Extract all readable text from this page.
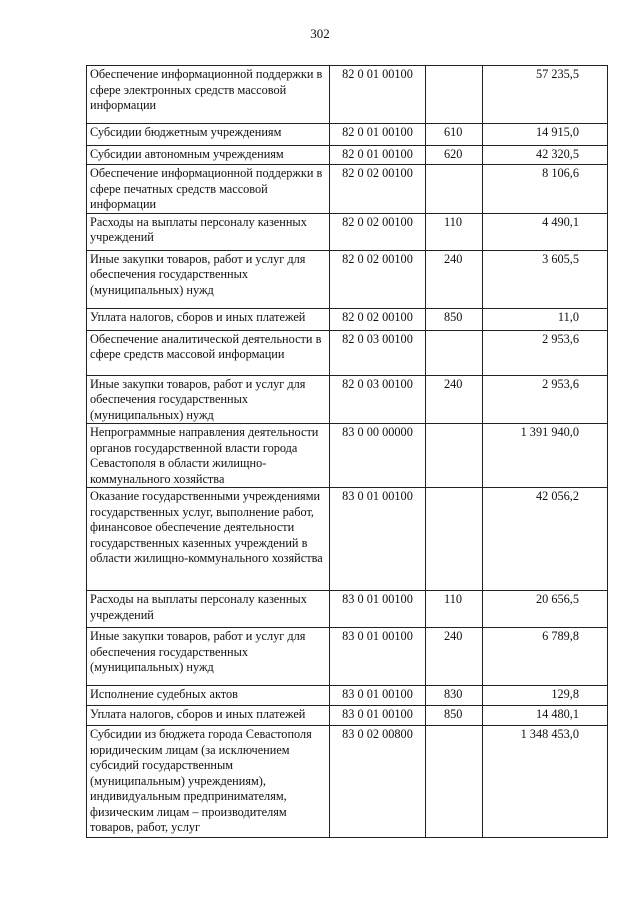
302
Обеспечение информационной поддержки в сфере электронных средств массовой информации	82 0 01 00100		57 235,5
Субсидии бюджетным учреждениям	82 0 01 00100	610	14 915,0
Субсидии автономным учреждениям	82 0 01 00100	620	42 320,5
Обеспечение информационной поддержки в сфере печатных средств массовой информации	82 0 02 00100		8 106,6
Расходы на выплаты персоналу казенных учреждений	82 0 02 00100	110	4 490,1
Иные закупки товаров, работ и услуг для обеспечения государственных (муниципальных) нужд	82 0 02 00100	240	3 605,5
Уплата налогов, сборов и иных платежей	82 0 02 00100	850	11,0
Обеспечение аналитической деятельности в сфере средств массовой информации	82 0 03 00100		2 953,6
Иные закупки товаров, работ и услуг для обеспечения государственных (муниципальных) нужд	82 0 03 00100	240	2 953,6
Непрограммные направления деятельности органов государственной власти города Севастополя в области жилищно-коммунального хозяйства	83 0 00 00000		1 391 940,0
Оказание государственными учреждениями государственных услуг, выполнение работ, финансовое обеспечение деятельности государственных казенных учреждений в области жилищно-коммунального хозяйства	83 0 01 00100		42 056,2
Расходы на выплаты персоналу казенных учреждений	83 0 01 00100	110	20 656,5
Иные закупки товаров, работ и услуг для обеспечения государственных (муниципальных) нужд	83 0 01 00100	240	6 789,8
Исполнение судебных актов	83 0 01 00100	830	129,8
Уплата налогов, сборов и иных платежей	83 0 01 00100	850	14 480,1
Субсидии из бюджета города Севастополя юридическим лицам (за исключением субсидий государственным (муниципальным) учреждениям), индивидуальным предпринимателям, физическим лицам – производителям товаров, работ, услуг	83 0 02 00800		1 348 453,0
